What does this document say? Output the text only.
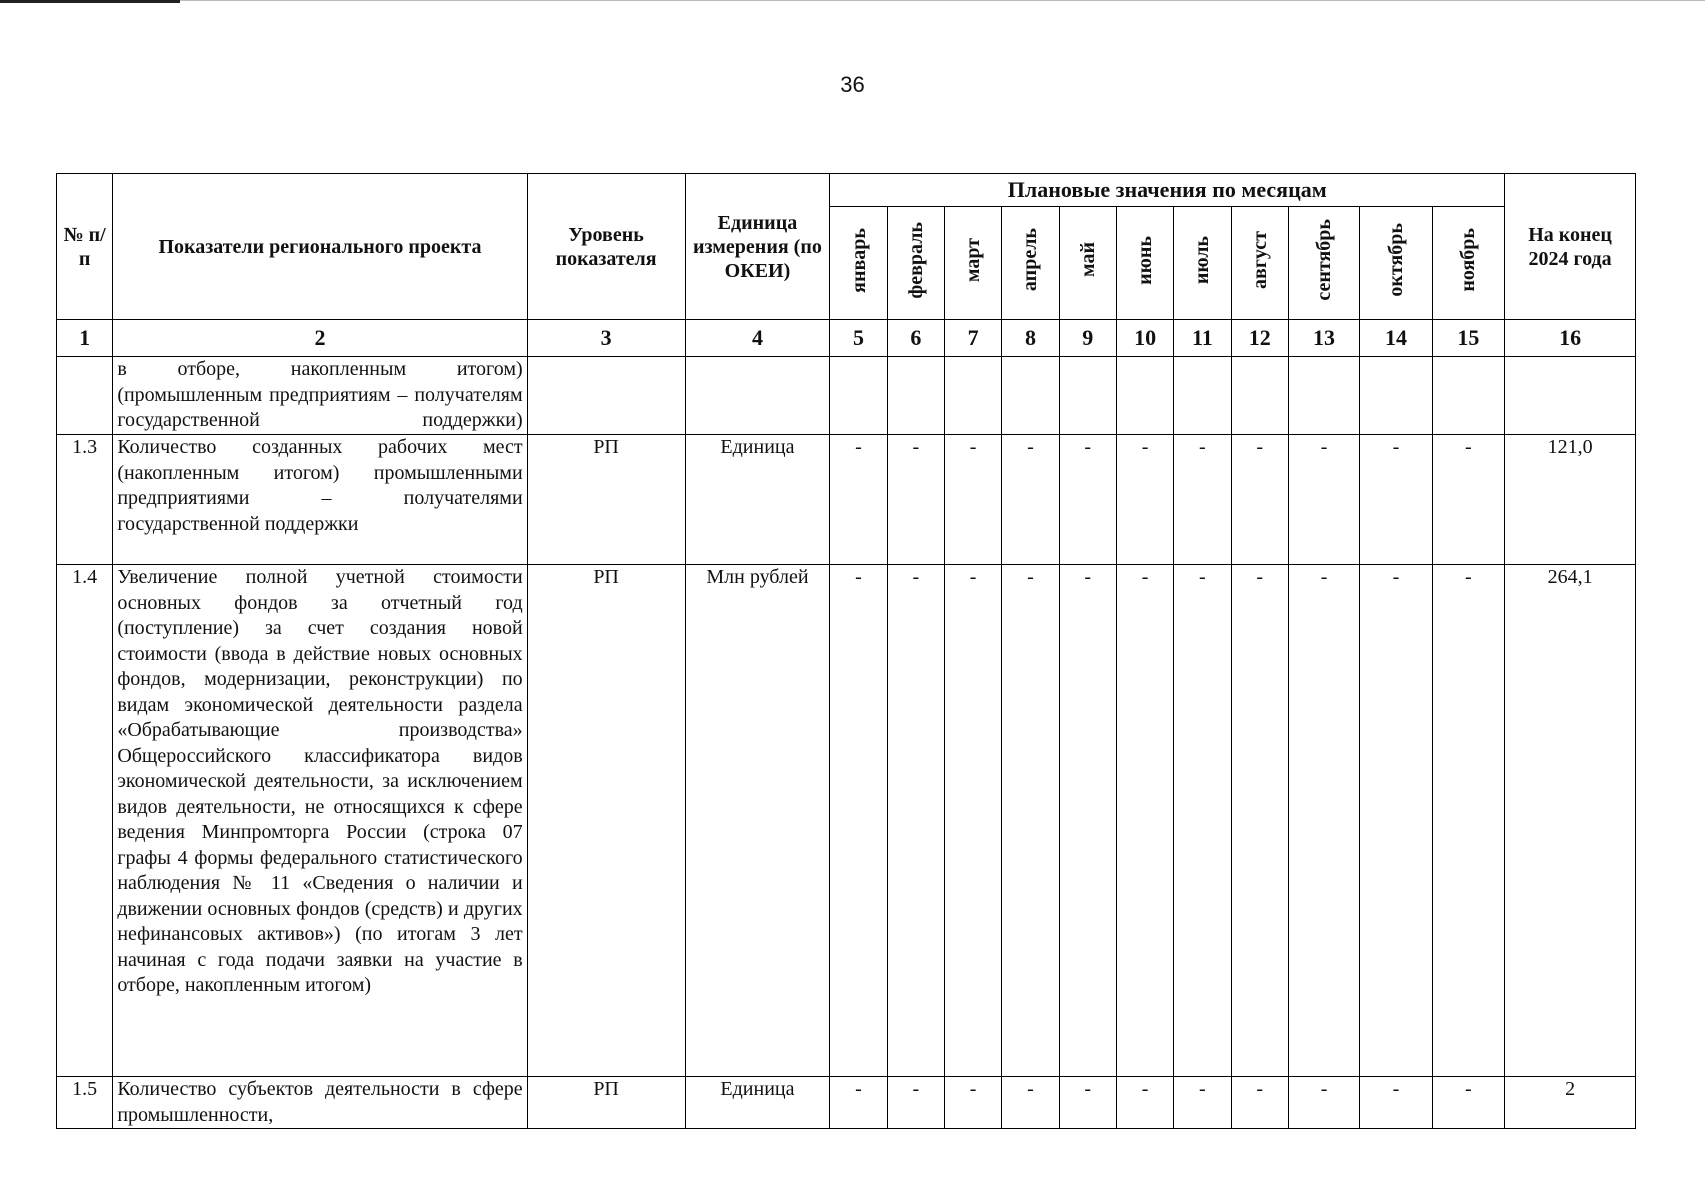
36
№ п/п	Показатели регионального проекта	Уровень показателя	Единица измерения (по ОКЕИ)	Плановые значения по месяцам											На конец 2024 года
				январь	февраль	март	апрель	май	июнь	июль	август	сентябрь	октябрь	ноябрь	
1	2	3	4	5	6	7	8	9	10	11	12	13	14	15	16
	в отборе, накопленным итогом) (промышленным предприятиям – получателям государственной поддержки)														
1.3	Количество созданных рабочих мест (накопленным итогом) промышленными предприятиями – получателями государственной поддержки	РП	Единица	-	-	-	-	-	-	-	-	-	-	-	121,0
1.4	Увеличение полной учетной стоимости основных фондов за отчетный год (поступление) за счет создания новой стоимости (ввода в действие новых основных фондов, модернизации, реконструкции) по видам экономической деятельности раздела «Обрабатывающие производства» Общероссийского классификатора видов экономической деятельности, за исключением видов деятельности, не относящихся к сфере ведения Минпромторга России (строка 07 графы 4 формы федерального статистического наблюдения № 11 «Сведения о наличии и движении основных фондов (средств) и других нефинансовых активов») (по итогам 3 лет начиная с года подачи заявки на участие в отборе, накопленным итогом)	РП	Млн рублей	-	-	-	-	-	-	-	-	-	-	-	264,1
1.5	Количество субъектов деятельности в сфере промышленности,	РП	Единица	-	-	-	-	-	-	-	-	-	-	-	2
